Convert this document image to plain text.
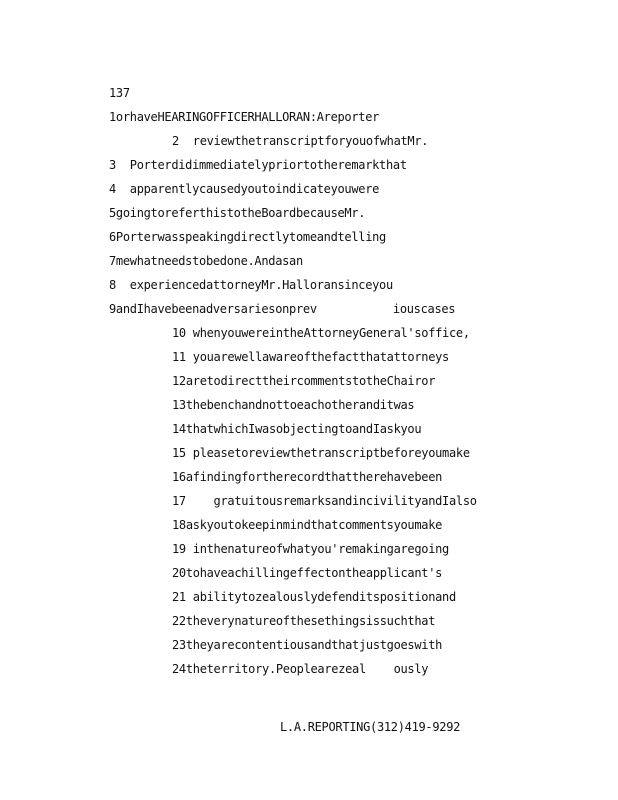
137
1orhaveHEARINGOFFICERHALLORAN:Areporter
2  reviewthetranscriptforyouofwhatMr.
3  Porterdidimmediatelypriortotheremarkthat
4  apparentlycausedyoutoindicateyouwere
5goingtoreferthistotheBoardbecauseMr.
6Porterwasspeakingdirectlytomeandtelling
7mewhatneedstobedone.Andasan
8  experiencedattorneyMr.Halloransinceyou
9andIhavebeenadversariesonprev           iouscases
10 whenyouwereintheAttorneyGeneral'soffice,
11 youarewellawareofthefactthatattorneys
12aretodirecttheircommentstotheChairor
13thebenchandnottoeachotheranditwas
14thatwhichIwasobjectingtoandIaskyou
15 pleasetoreviewthetranscriptbeforeyoumake
16afindingfortherecordthattherehavebeen
17    gratuitousremarksandincivilityandIalso
18askyoutokeepinmindthatcommentsyoumake
19 inthenatureofwhatyou'remakingaregoing
20tohaveachillingeffectontheapplicant's
21 abilitytozealouslydefenditspositionand
22theverynatureofthesethingsissuchthat
23theyarecontentiousandthatjustgoeswith
24theterritory.Peoplearezeal    ously
L.A.REPORTING(312)419-9292
